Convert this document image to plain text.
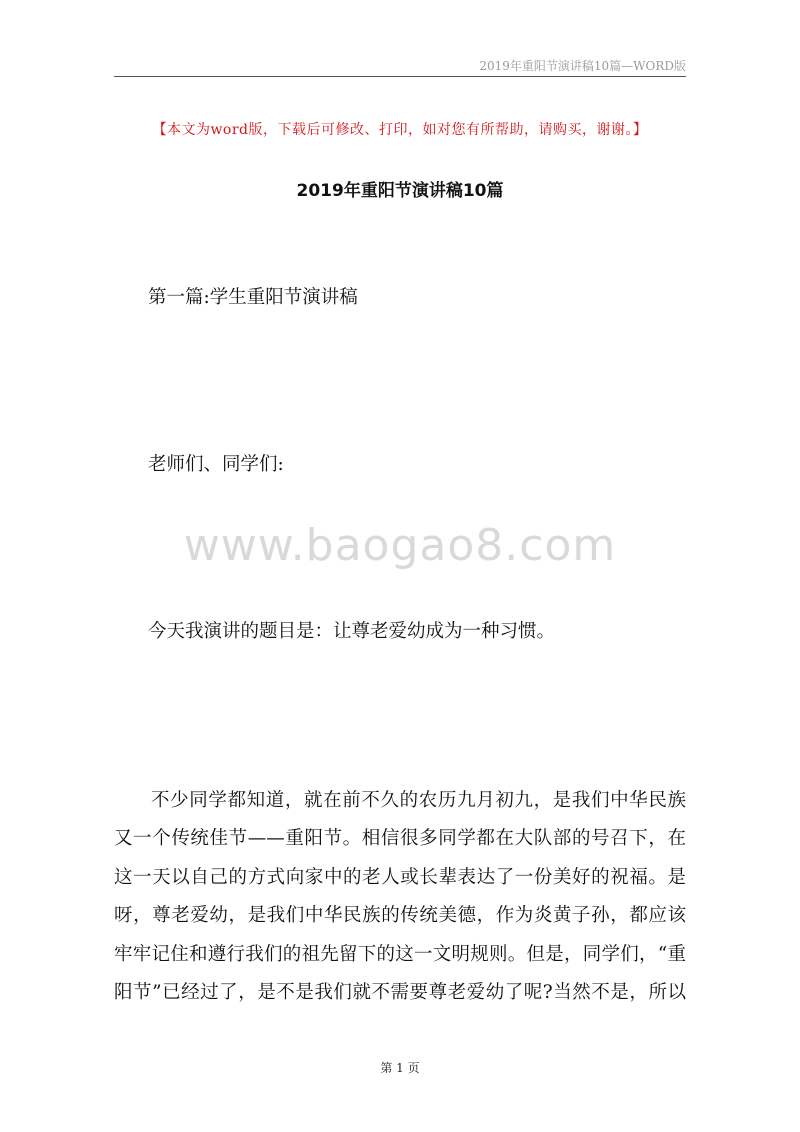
2019年重阳节演讲稿10篇—WORD版
【本文为word版，下载后可修改、打印，如对您有所帮助，请购买，谢谢。】
2019年重阳节演讲稿10篇
第一篇:学生重阳节演讲稿
老师们、同学们:
www.baogao8.com
今天我演讲的题目是：让尊老爱幼成为一种习惯。
不少同学都知道，就在前不久的农历九月初九，是我们中华民族
又一个传统佳节——重阳节。相信很多同学都在大队部的号召下，在
这一天以自己的方式向家中的老人或长辈表达了一份美好的祝福。是
呀，尊老爱幼，是我们中华民族的传统美德，作为炎黄子孙，都应该
牢牢记住和遵行我们的祖先留下的这一文明规则。但是，同学们，“重
阳节”已经过了，是不是我们就不需要尊老爱幼了呢?当然不是，所以
第 1 页
